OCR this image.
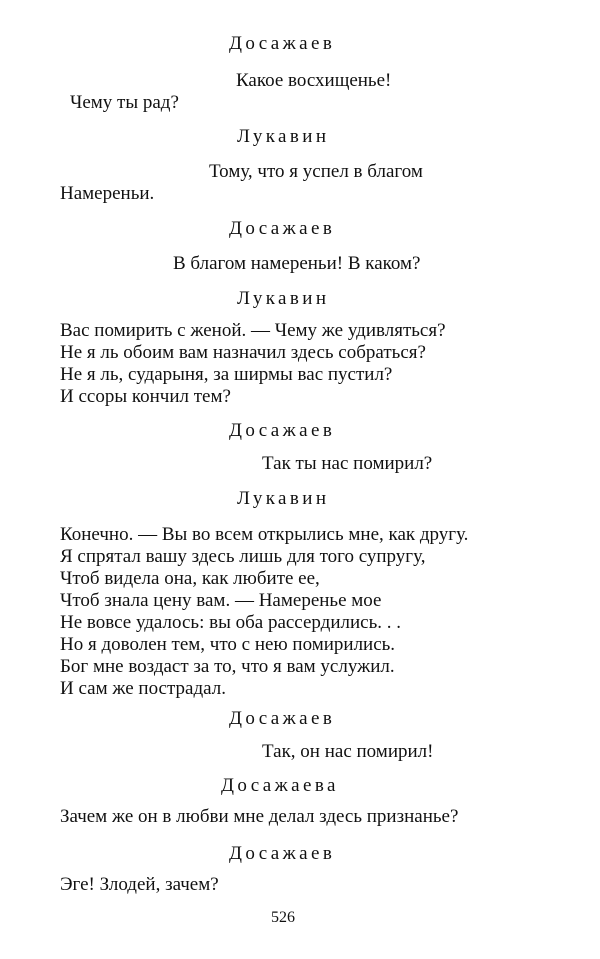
Досажаев
Какое восхищенье!
Чему ты рад?
Лукавин
Тому, что я успел в благом
Намереньи.
Досажаев
В благом намереньи! В каком?
Лукавин
Вас помирить с женой. — Чему же удивляться?
Не я ль обоим вам назначил здесь собраться?
Не я ль, сударыня, за ширмы вас пустил?
И ссоры кончил тем?
Досажаев
Так ты нас помирил?
Лукавин
Конечно. — Вы во всем открылись мне, как другу.
Я спрятал вашу здесь лишь для того супругу,
Чтоб видела она, как любите ее,
Чтоб знала цену вам. — Намеренье мое
Не вовсе удалось: вы оба рассердились. . .
Но я доволен тем, что с нею помирились.
Бог мне воздаст за то, что я вам услужил.
И сам же пострадал.
Досажаев
Так, он нас помирил!
Досажаева
Зачем же он в любви мне делал здесь признанье?
Досажаев
Эге! Злодей, зачем?
526
